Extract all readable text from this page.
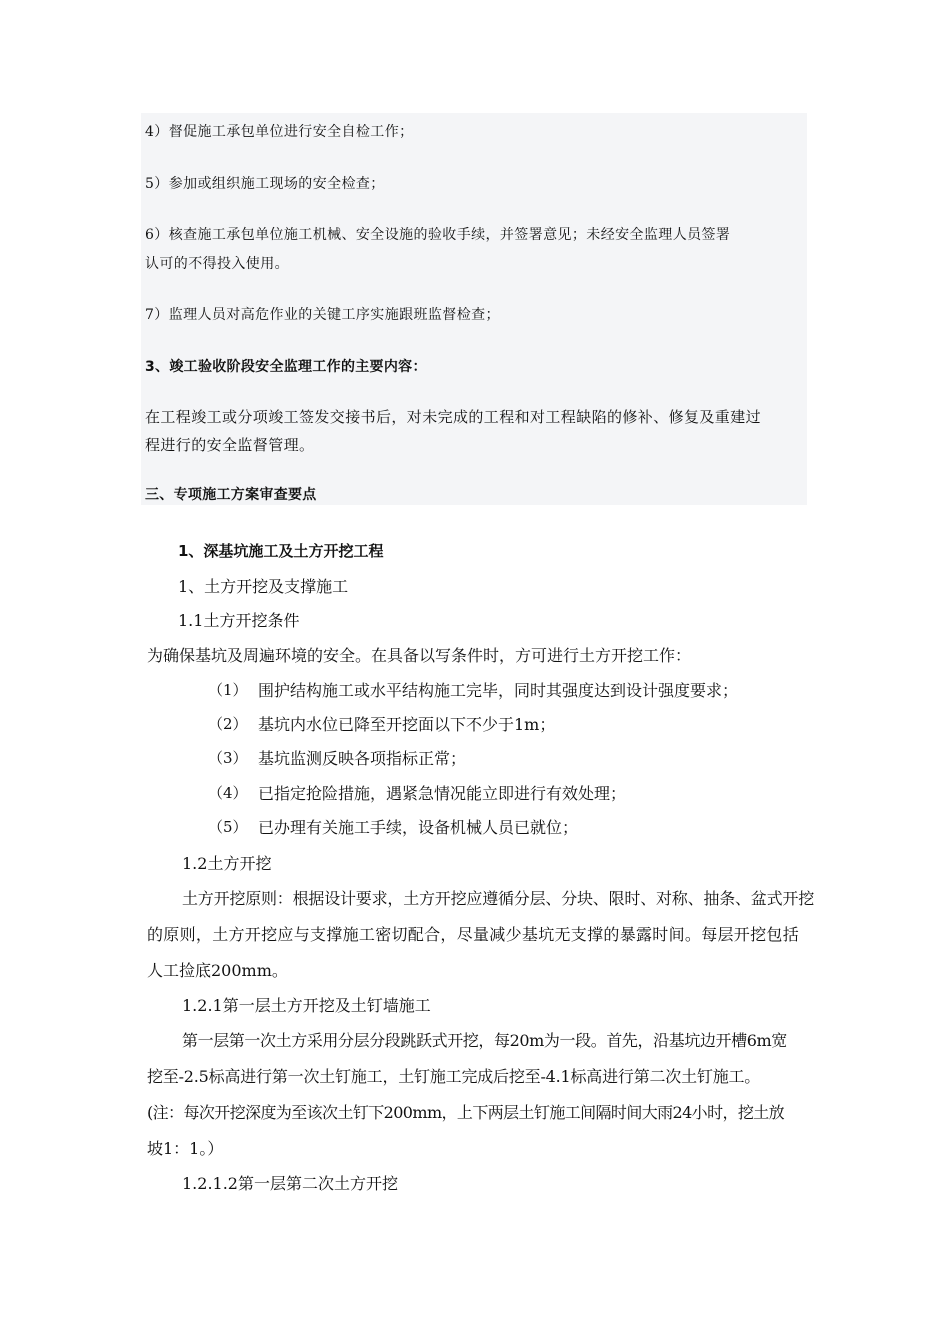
4）督促施工承包单位进行安全自检工作；

5）参加或组织施工现场的安全检查；

6）核查施工承包单位施工机械、安全设施的验收手续，并签署意见；未经安全监理人员签署

认可的不得投入使用。

7）监理人员对高危作业的关键工序实施跟班监督检查；

3、竣工验收阶段安全监理工作的主要内容：

在工程竣工或分项竣工签发交接书后，对未完成的工程和对工程缺陷的修补、修复及重建过

程进行的安全监督管理。

三、专项施工方案审查要点

1、深基坑施工及土方开挖工程

1、土方开挖及支撑施工

1.1土方开挖条件

为确保基坑及周遍环境的安全。在具备以写条件时，方可进行土方开挖工作：

（1） 围护结构施工或水平结构施工完毕，同时其强度达到设计强度要求；
（2） 基坑内水位已降至开挖面以下不少于1m；
（3） 基坑监测反映各项指标正常；
（4） 已指定抢险措施，遇紧急情况能立即进行有效处理；
（5） 已办理有关施工手续，设备机械人员已就位；

1.2土方开挖

土方开挖原则：根据设计要求，土方开挖应遵循分层、分块、限时、对称、抽条、盆式开挖

的原则，土方开挖应与支撑施工密切配合，尽量减少基坑无支撑的暴露时间。每层开挖包括

人工捡底200mm。

1.2.1第一层土方开挖及土钉墙施工

第一层第一次土方采用分层分段跳跃式开挖，每20m为一段。首先，沿基坑边开槽6m宽

挖至-2.5标高进行第一次土钉施工，土钉施工完成后挖至-4.1标高进行第二次土钉施工。

(注：每次开挖深度为至该次土钉下200mm，上下两层土钉施工间隔时间大雨24小时，挖土放

坡1：1。）

1.2.1.2第一层第二次土方开挖
